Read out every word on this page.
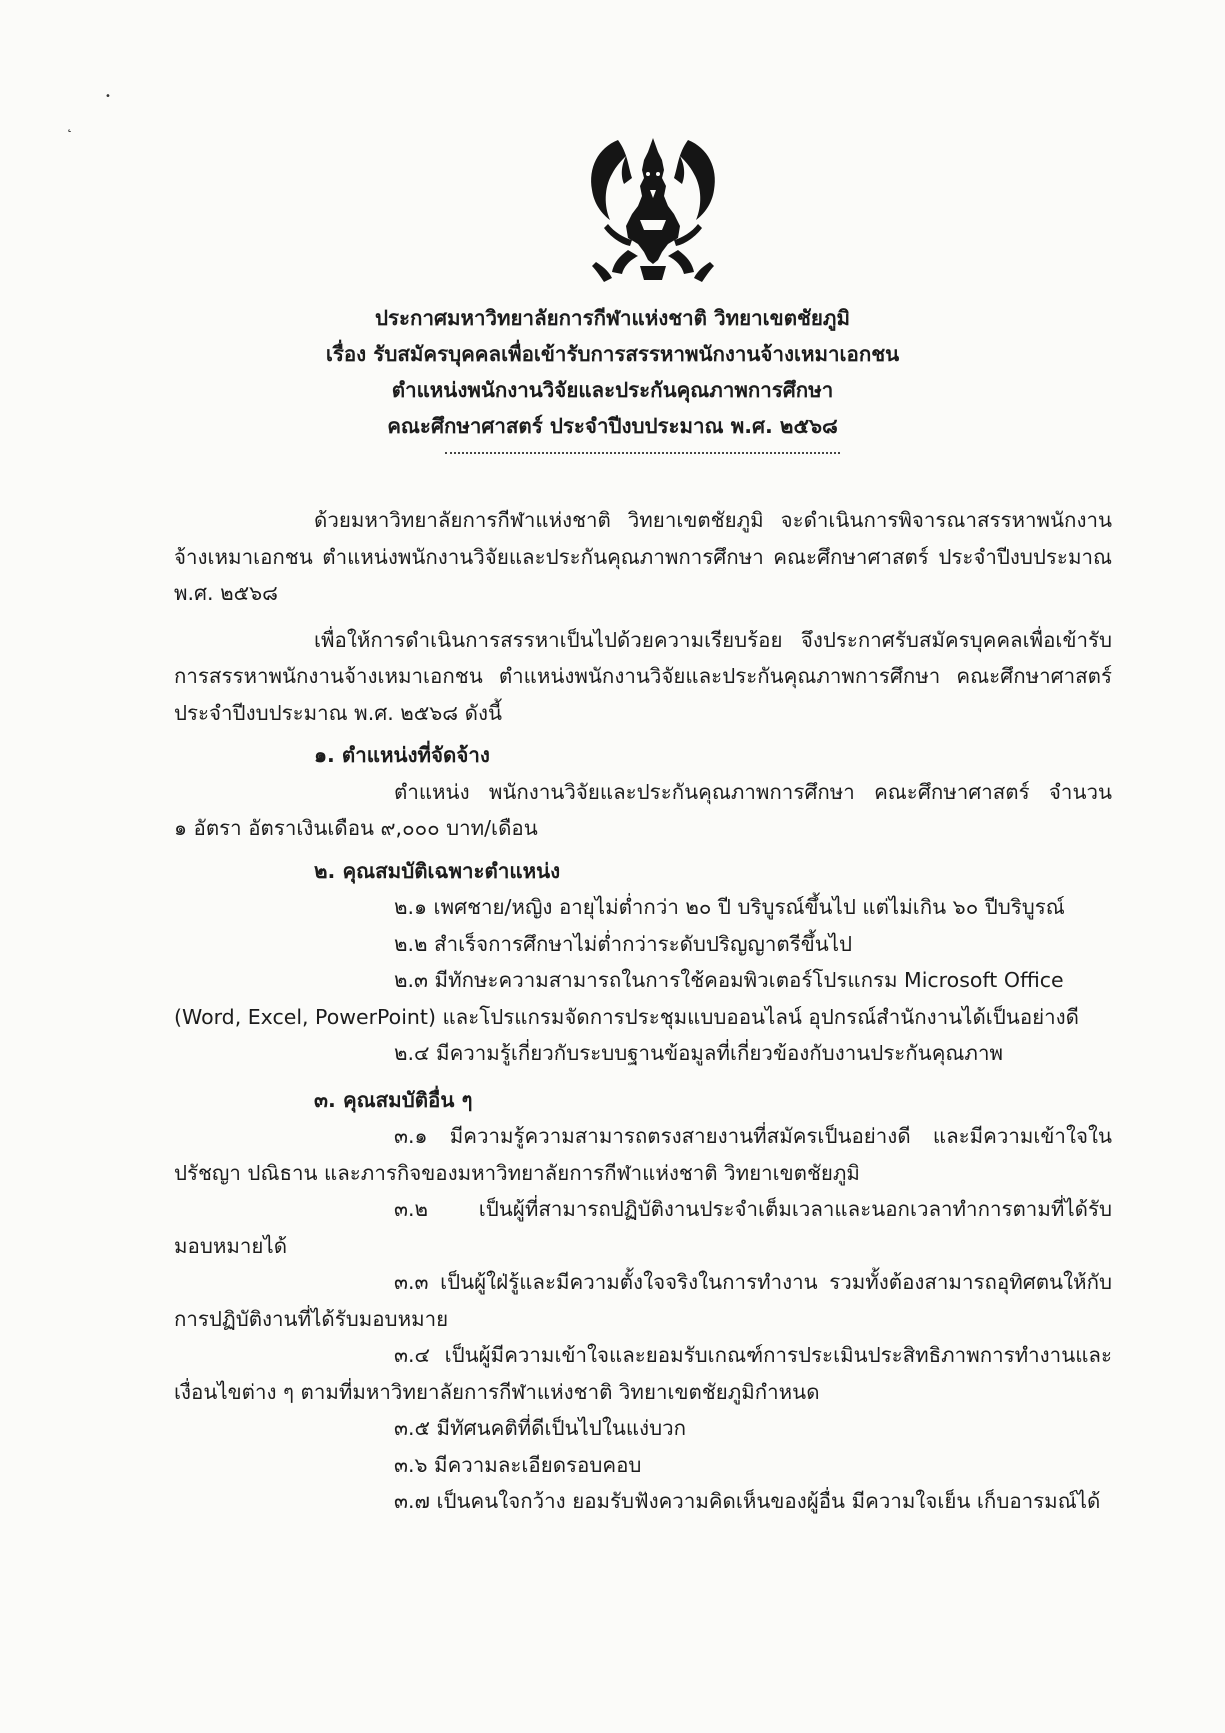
˛
•
ประกาศมหาวิทยาลัยการกีฬาแห่งชาติ วิทยาเขตชัยภูมิ
เรื่อง รับสมัครบุคคลเพื่อเข้ารับการสรรหาพนักงานจ้างเหมาเอกชน
ตำแหน่งพนักงานวิจัยและประกันคุณภาพการศึกษา
คณะศึกษาศาสตร์ ประจำปีงบประมาณ พ.ศ. ๒๕๖๘
ด้วยมหาวิทยาลัยการกีฬาแห่งชาติ วิทยาเขตชัยภูมิ จะดำเนินการพิจารณาสรรหาพนักงาน
จ้างเหมาเอกชน ตำแหน่งพนักงานวิจัยและประกันคุณภาพการศึกษา คณะศึกษาศาสตร์ ประจำปีงบประมาณ
พ.ศ. ๒๕๖๘
เพื่อให้การดำเนินการสรรหาเป็นไปด้วยความเรียบร้อย จึงประกาศรับสมัครบุคคลเพื่อเข้ารับ
การสรรหาพนักงานจ้างเหมาเอกชน ตำแหน่งพนักงานวิจัยและประกันคุณภาพการศึกษา คณะศึกษาศาสตร์
ประจำปีงบประมาณ พ.ศ. ๒๕๖๘ ดังนี้
๑. ตำแหน่งที่จัดจ้าง
ตำแหน่ง พนักงานวิจัยและประกันคุณภาพการศึกษา คณะศึกษาศาสตร์ จำนวน
๑ อัตรา อัตราเงินเดือน ๙,๐๐๐ บาท/เดือน
๒. คุณสมบัติเฉพาะตำแหน่ง
๒.๑ เพศชาย/หญิง อายุไม่ต่ำกว่า ๒๐ ปี บริบูรณ์ขึ้นไป แต่ไม่เกิน ๖๐ ปีบริบูรณ์
๒.๒ สำเร็จการศึกษาไม่ต่ำกว่าระดับปริญญาตรีขึ้นไป
๒.๓ มีทักษะความสามารถในการใช้คอมพิวเตอร์โปรแกรม Microsoft Office
(Word, Excel, PowerPoint) และโปรแกรมจัดการประชุมแบบออนไลน์ อุปกรณ์สำนักงานได้เป็นอย่างดี
๒.๔ มีความรู้เกี่ยวกับระบบฐานข้อมูลที่เกี่ยวข้องกับงานประกันคุณภาพ
๓. คุณสมบัติอื่น ๆ
๓.๑ มีความรู้ความสามารถตรงสายงานที่สมัครเป็นอย่างดี และมีความเข้าใจใน
ปรัชญา ปณิธาน และภารกิจของมหาวิทยาลัยการกีฬาแห่งชาติ วิทยาเขตชัยภูมิ
๓.๒ เป็นผู้ที่สามารถปฏิบัติงานประจำเต็มเวลาและนอกเวลาทำการตามที่ได้รับ
มอบหมายได้
๓.๓ เป็นผู้ใฝ่รู้และมีความตั้งใจจริงในการทำงาน รวมทั้งต้องสามารถอุทิศตนให้กับ
การปฏิบัติงานที่ได้รับมอบหมาย
๓.๔ เป็นผู้มีความเข้าใจและยอมรับเกณฑ์การประเมินประสิทธิภาพการทำงานและ
เงื่อนไขต่าง ๆ ตามที่มหาวิทยาลัยการกีฬาแห่งชาติ วิทยาเขตชัยภูมิกำหนด
๓.๕ มีทัศนคติที่ดีเป็นไปในแง่บวก
๓.๖ มีความละเอียดรอบคอบ
๓.๗ เป็นคนใจกว้าง ยอมรับฟังความคิดเห็นของผู้อื่น มีความใจเย็น เก็บอารมณ์ได้
